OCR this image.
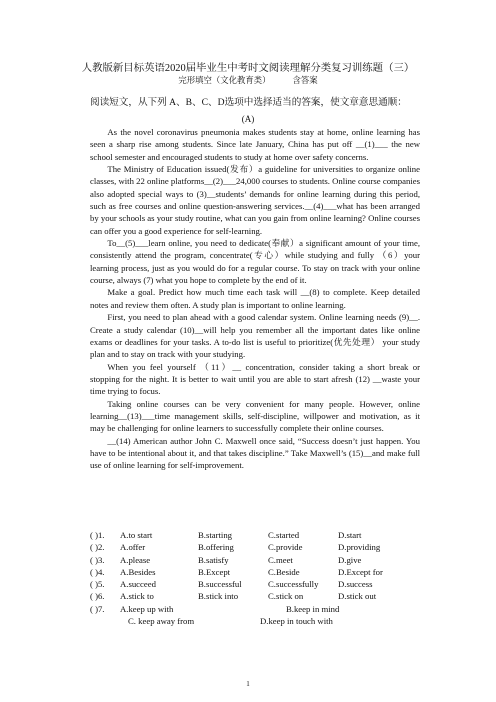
人教版新目标英语2020届毕业生中考时文阅读理解分类复习训练题（三）
完形填空（文化教育类）	含答案
阅读短文，从下列 A、B、C、D选项中选择适当的答案，使文章意思通顺：
(A)

As the novel coronavirus pneumonia makes students stay at home, online learning has seen a sharp rise among students. Since late January, China has put off __(1)___ the new school semester and encouraged students to study at home over safety concerns.

The Ministry of Education issued(发布）a guideline for universities to organize online classes, with 22 online platforms__(2)___24,000 courses to students. Online course companies also adopted special ways to (3)__students’ demands for online learning during this period, such as free courses and online question-answering services.__(4)___what has been arranged by your schools as your study routine, what can you gain from online learning? Online courses can offer you a good experience for self-learning.

To__(5)___learn online, you need to dedicate(奉献）a significant amount of your time, consistently attend the program, concentrate(专心）while studying and fully （6）your learning process, just as you would do for a regular course. To stay on track with your online course, always (7) what you hope to complete by the end of it.

Make a goal. Predict how much time each task will __(8) to complete. Keep detailed notes and review them often. A study plan is important to online learning.

First, you need to plan ahead with a good calendar system. Online learning needs (9)__. Create a study calendar (10)__will help you remember all the important dates like online exams or deadlines for your tasks. A to-do list is useful to prioritize(优先处理） your study plan and to stay on track with your studying.

When you feel yourself （11）__ concentration, consider taking a short break or stopping for the night. It is better to wait until you are able to start afresh (12) __waste your time trying to focus.

Taking online courses can be very convenient for many people. However, online learning__(13)___time management skills, self-discipline, willpower and motivation, as it may be challenging for online learners to successfully complete their online courses.

__(14) American author John C. Maxwell once said, “Success doesn’t just happen. You have to be intentional about it, and that takes discipline.” Take Maxwell’s (15)__and make full use of online learning for self-improvement.

( )1. A.to start	B.starting	C.started	D.start
( )2. A.offer	B.offering	C.provide	D.providing
( )3. A.please	B.satisfy	C.meet	D.give
( )4. A.Besides	B.Except	C.Beside	D.Except for
( )5. A.succeed	B.successful	C.successfully D.success
( )6. A.stick to	B.stick into	C.stick on	D.stick out
( )7. A.keep up with	B.keep in mind
C. keep away from	D.keep in touch with
1
